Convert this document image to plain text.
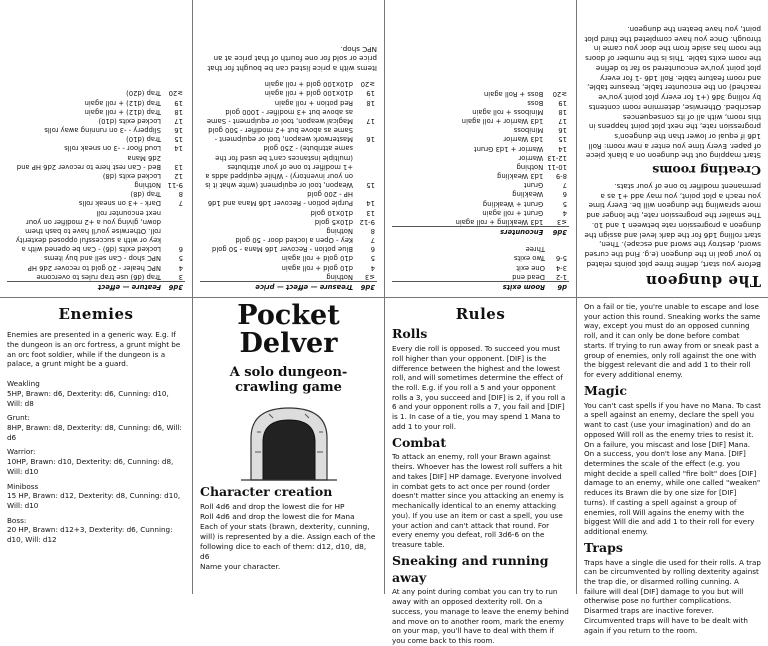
Enemies

Enemies are presented in a generic way. E.g. If the dungeon is an orc fortress, a grunt might be an orc foot soldier, while if the dungeon is a palace, a grunt might be a guard.

Weakling
5HP, Brawn: d6, Dexterity: d6, Cunning: d10, Will: d8
Grunt:
8HP, Brawn: d8, Dexterity: d8, Cunning: d6, Will: d6
Warrior:
10HP, Brawn: d10, Dexterity: d6, Cunning: d8, Will: d10
Miniboss
15 HP, Brawn: d12, Dexterity: d8, Cunning: d10, Will: d10
Boss:
20 HP, Brawn: d12+3, Dexterity: d6, Cunning: d10, Will: d12
Pocket
Delver
A solo dungeon-crawling game
Character creation
Roll 4d6 and drop the lowest die for HP
Roll 4d6 and drop the lowest die for Mana
Each of your stats (brawn, dexterity, cunning, will) is represented by a die. Assign each of the following dice to each of them: d12, d10, d8, d6
Name your character.
Rules
Rolls

Every die roll is opposed. To succeed you must roll higher than your opponent. [DIF] is the difference between the highest and the lowest roll, and will sometimes determine the effect of the roll. E.g. if you roll a 5 and your opponent rolls a 3, you succeed and [DIF] is 2, if you roll a 6 and your opponent rolls a 7, you fail and [DIF] is 1. In case of a tie, you may spend 1 Mana to add 1 to your roll.

Combat

To attack an enemy, roll your Brawn against theirs. Whoever has the lowest roll suffers a hit and takes [DIF] HP damage. Everyone involved in combat gets to act once per round (order doesn't matter since you attacking an enemy is mechanically identical to an enemy attacking you). If you use an item or cast a spell, you use your action and can't attack that round. For every enemy you defeat, roll 3d6-6 on the treasure table.

Sneaking and running away

At any point during combat you can try to run away with an opposed dexterity roll. On a success, you manage to leave the enemy behind and move on to another room, mark the enemy on your map, you'll have to deal with them if you come back to this room.

On a fail or tie, you're unable to escape and lose your action this round. Sneaking works the same way, except you must do an opposed cunning roll, and it can only be done before combat starts. If trying to run away from or sneak past a group of enemies, only roll against the one with the biggest relevant die and add 1 to their roll for every additional enemy.

Magic

You can't cast spells if you have no Mana. To cast a spell against an enemy, declare the spell you want to cast (use your imagination) and do an opposed Will roll as the enemy tries to resist it. On a failure, you miscast and lose [DIF] Mana. On a success, you don't lose any Mana. [DIF] determines the scale of the effect (e.g. you might decide a spell called "fire bolt" does [DIF] damage to an enemy, while one called "weaken" reduces its Brawn die by one size for [DIF] turns). If casting a spell against a group of enemies, roll Will agains the enemy with the biggest Will die and add 1 to their roll for every additional enemy.

Traps

Traps have a single die used for their rolls. A trap can be circumvented by rolling dexterity against the trap die, or disarmed rolling cunning. A failure will deal [DIF] damage to you but will otherwise pose no further complications. Disarmed traps are inactive forever. Circumvented traps will have to be dealt with again if you return to the room.

3d6	Feature — effect
3	Trap (d6) use trap rules to overcome
4	NPC healer - 20 gold to recover 2d6 HP
5	NPC shop - Can sell and buy items
6	Locked exits (d6) - Can be opened with a key or with a successful opposed dexterity roll. Otherwise you'll have to bash them down, giving you a +2 modifier on your next encounter roll
7	Dark - +3 on sneak rolls
8	Trap (d8)
9-11	Nothing
12	Locked exits (d8)
13	Bed - Can rest here to recover 2d6 HP and 2d6 Mana
14	Loud floor - -3 on sneak rolls
15	Trap (d10)
16	Slippery - -3 on running away rolls
17	Locked exits (d10)
18	Trap (d12) + roll again
19	Trap (d12) + roll again
≥20	Trap (d20)
3d6	Treasure — effect — price
≤3	Nothing
4	d10 gold + roll again
5	d10 gold + roll again
6	Blue potion - Recover 1d6 Mana - 50 gold
7	Key - Open a locked door - 50 gold
8	Nothing
9-12	d10x5 gold
13	d10x10 gold
14	Purple potion - Recover 1d6 Mana and 1d6 HP - 200 gold
15	Weapon, tool or equipment (write what it is on your inventory) - While equipped adds a +1 modifier to one of your attributes (multiple instances can't be used for the same attribute) - 250 gold
16	Masterwork weapon, tool or equipment - Same as above but +2 modifier - 500 gold
17	Magical weapon, tool or equipment - Same as above but +3 modifier - 1000 gold
18	Red potion + roll again
19	d10x100 gold + roll again
≥20	d10x100 gold + roll again

Items with a price listed can be bought for that price or sold for one fourth of that price at an NPC shop.

d6	Room exits
1-2	Dead end
3-4	One exit
5-6	Two exits
	Three
3d6	Encounters
≤3	1d3 Weakling + roll again
4	Grunt + roll again
5	Grunt + Weakling
6	Weakling
7	Grunt
8-9	1d3 Weakling
10-11	Nothing
12-13	Warrior
14	Warrior + 1d3 Grunt
15	1d3 Warrior
16	Miniboss
17	1d3 Warrior + roll again
18	Miniboss + roll again
19	Boss
≥20	Boss + Roll again
The dungeon

Before you start, define three plot points related to your goal in the dungeon (e.g. Find the cursed sword, destroy the sword and escape). Then, start rolling 1d6 for the dark level and assign the dungeon a progression rate between 1 and 10. The smaller the progression rate, the longer and more sprawling the dungeon will be. Every time you reach a plot point, you may add +1 as a permanent modifier to one of your stats.

Creating rooms

Start mapping out the dungeon on a blank piece of paper. Every time you enter a new room: Roll 1d6 if equal or lower than the dungeon's progression rate, the next plot point happens in this room, with all of its consequences described. Otherwise, determine room contents by rolling 3d6 (+1 for every plot point you've reached) on the encounter table, treasure table, and room feature table. Roll 1d6 -1 for every plot point you've encountered so far to define the room exits table. This is the number of doors the room has aside from the door you came in through. Once you have completed the third plot point, you have beaten the dungeon.
